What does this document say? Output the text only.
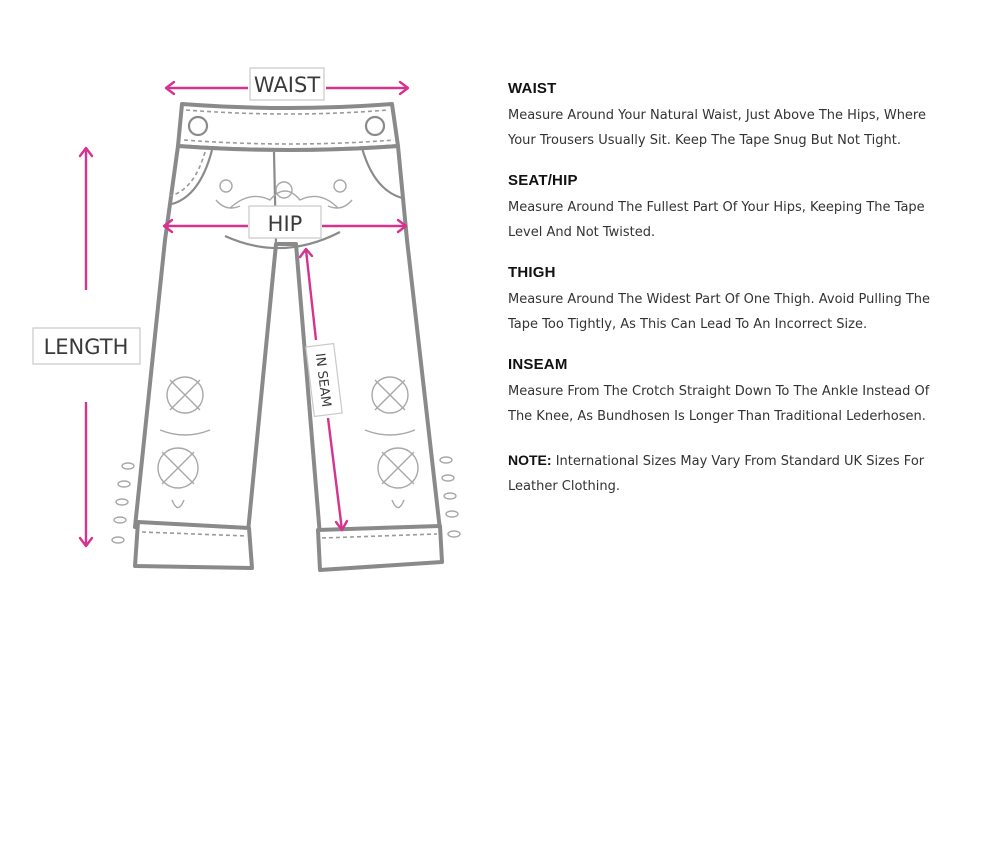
WAIST
HIP
LENGTH
IN SEAM
WAIST

Measure Around Your Natural Waist, Just Above The Hips, Where Your Trousers Usually Sit. Keep The Tape Snug But Not Tight.

SEAT/HIP

Measure Around The Fullest Part Of Your Hips, Keeping The Tape Level And Not Twisted.

THIGH

Measure Around The Widest Part Of One Thigh. Avoid Pulling The Tape Too Tightly, As This Can Lead To An Incorrect Size.

INSEAM

Measure From The Crotch Straight Down To The Ankle Instead Of The Knee, As Bundhosen Is Longer Than Traditional Lederhosen.

NOTE: International Sizes May Vary From Standard UK Sizes For Leather Clothing.
